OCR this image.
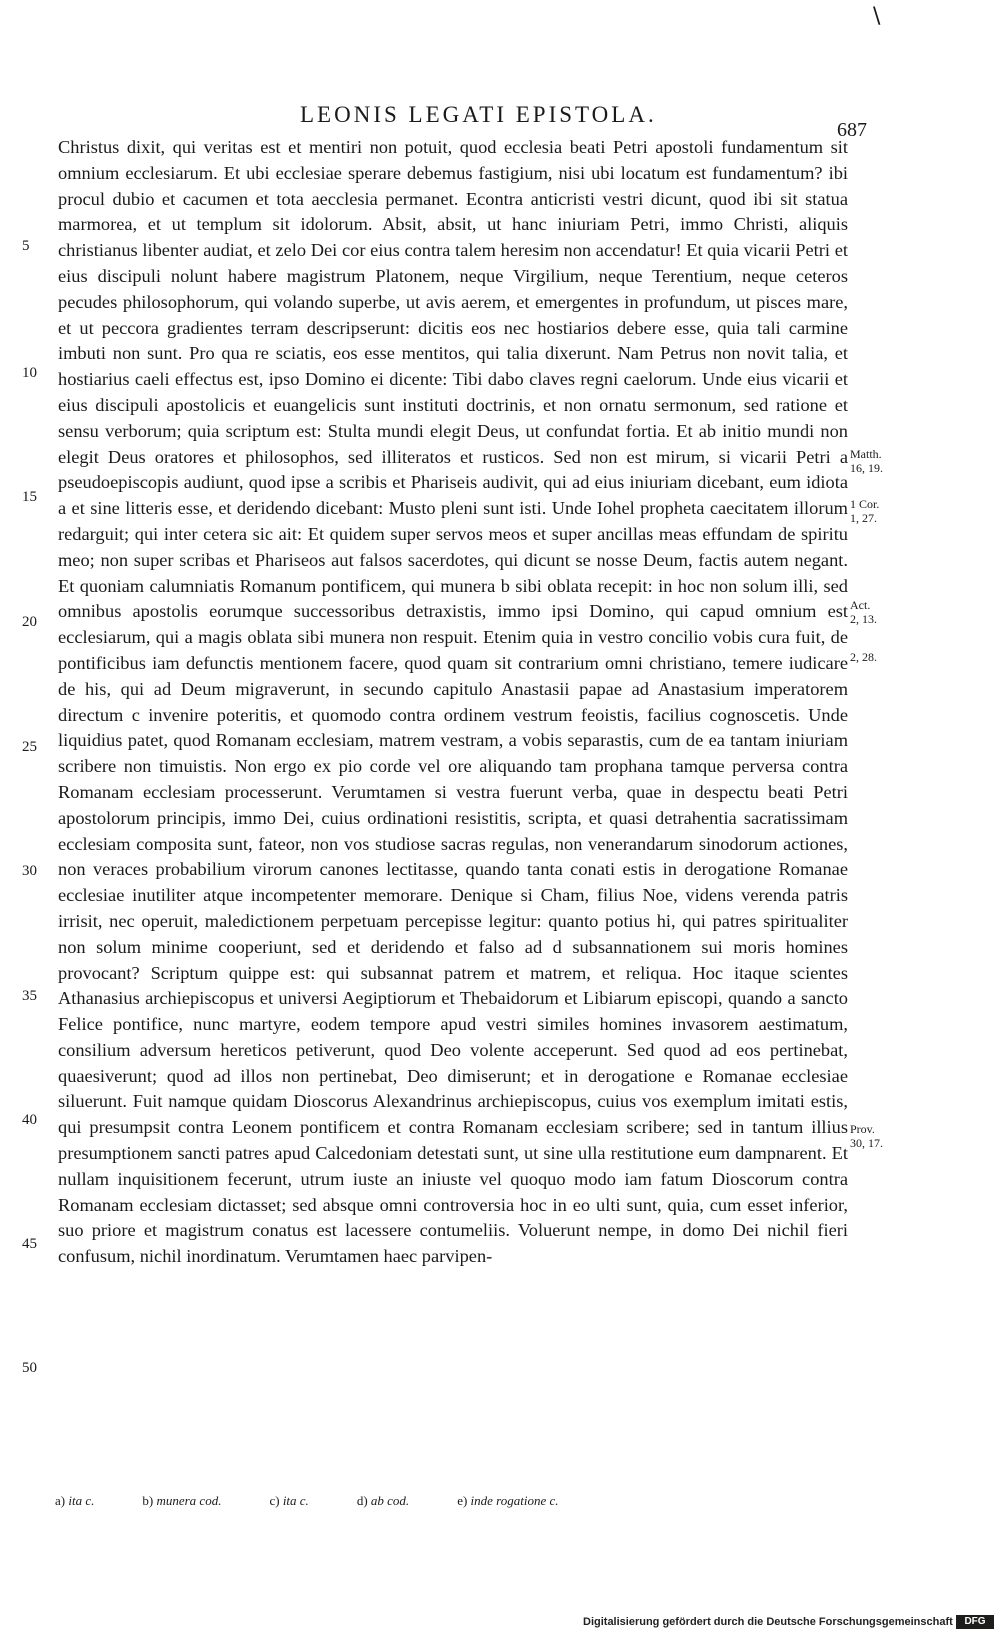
\
LEONIS LEGATI EPISTOLA.
687

Christus dixit, qui veritas est et mentiri non potuit, quod ecclesia beati Petri apostoli fundamentum sit omnium ecclesiarum. Et ubi ecclesiae sperare debemus fastigium, nisi ubi locatum est fundamentum? ibi procul dubio et cacumen et tota aecclesia permanet. Econtra anticristi vestri dicunt, quod ibi sit statua marmorea, et ut templum sit idolorum. Absit, absit, ut hanc iniuriam Petri, immo Christi, aliquis christianus libenter audiat, et zelo Dei cor eius contra talem heresim non accendatur! Et quia vicarii Petri et eius discipuli nolunt habere magistrum Platonem, neque Virgilium, neque Terentium, neque ceteros pecudes philosophorum, qui volando superbe, ut avis aerem, et emergentes in profundum, ut pisces mare, et ut peccora gradientes terram descripserunt: dicitis eos nec hostiarios debere esse, quia tali carmine imbuti non sunt. Pro qua re sciatis, eos esse mentitos, qui talia dixerunt. Nam Petrus non novit talia, et hostiarius caeli effectus est, ipso Domino ei dicente: Tibi dabo claves regni caelorum. Unde eius vicarii et eius discipuli apostolicis et euangelicis sunt instituti doctrinis, et non ornatu sermonum, sed ratione et sensu verborum; quia scriptum est: Stulta mundi elegit Deus, ut confundat fortia. Et ab initio mundi non elegit Deus oratores et philosophos, sed illiteratos et rusticos. Sed non est mirum, si vicarii Petri a pseudoepiscopis audiunt, quod ipse a scribis et Phariseis audivit, qui ad eius iniuriam dicebant, eum idiota a et sine litteris esse, et deridendo dicebant: Musto pleni sunt isti. Unde Iohel propheta caecitatem illorum redarguit; qui inter cetera sic ait: Et quidem super servos meos et super ancillas meas effundam de spiritu meo; non super scribas et Phariseos aut falsos sacerdotes, qui dicunt se nosse Deum, factis autem negant. Et quoniam calumniatis Romanum pontificem, qui munera b sibi oblata recepit: in hoc non solum illi, sed omnibus apostolis eorumque successoribus detraxistis, immo ipsi Domino, qui capud omnium est ecclesiarum, qui a magis oblata sibi munera non respuit. Etenim quia in vestro concilio vobis cura fuit, de pontificibus iam defunctis mentionem facere, quod quam sit contrarium omni christiano, temere iudicare de his, qui ad Deum migraverunt, in secundo capitulo Anastasii papae ad Anastasium imperatorem directum c invenire poteritis, et quomodo contra ordinem vestrum feoistis, facilius cognoscetis. Unde liquidius patet, quod Romanam ecclesiam, matrem vestram, a vobis separastis, cum de ea tantam iniuriam scribere non timuistis. Non ergo ex pio corde vel ore aliquando tam prophana tamque perversa contra Romanam ecclesiam processerunt. Verumtamen si vestra fuerunt verba, quae in despectu beati Petri apostolorum principis, immo Dei, cuius ordinationi resistitis, scripta, et quasi detrahentia sacratissimam ecclesiam composita sunt, fateor, non vos studiose sacras regulas, non venerandarum sinodorum actiones, non veraces probabilium virorum canones lectitasse, quando tanta conati estis in derogatione Romanae ecclesiae inutiliter atque incompetenter memorare. Denique si Cham, filius Noe, videns verenda patris irrisit, nec operuit, maledictionem perpetuam percepisse legitur: quanto potius hi, qui patres spiritualiter non solum minime cooperiunt, sed et deridendo et falso ad d subsannationem sui moris homines provocant? Scriptum quippe est: qui subsannat patrem et matrem, et reliqua. Hoc itaque scientes Athanasius archiepiscopus et universi Aegiptiorum et Thebaidorum et Libiarum episcopi, quando a sancto Felice pontifice, nunc martyre, eodem tempore apud vestri similes homines invasorem aestimatum, consilium adversum hereticos petiverunt, quod Deo volente acceperunt. Sed quod ad eos pertinebat, quaesiverunt; quod ad illos non pertinebat, Deo dimiserunt; et in derogatione e Romanae ecclesiae siluerunt. Fuit namque quidam Dioscorus Alexandrinus archiepiscopus, cuius vos exemplum imitati estis, qui presumpsit contra Leonem pontificem et contra Romanam ecclesiam scribere; sed in tantum illius presumptionem sancti patres apud Calcedoniam detestati sunt, ut sine ulla restitutione eum dampnarent. Et nullam inquisitionem fecerunt, utrum iuste an iniuste vel quoquo modo iam fatum Dioscorum contra Romanam ecclesiam dictasset; sed absque omni controversia hoc in eo ulti sunt, quia, cum esset inferior, suo priore et magistrum conatus est lacessere contumeliis. Voluerunt nempe, in domo Dei nichil fieri confusum, nichil inordinatum. Verumtamen haec parvipen-

5
10
15
20
25
30
35
40
45
50
Matth.
16, 19.
1 Cor.
1, 27.
Act.
2, 13.
2, 28.
Prov.
30, 17.
a) ita c.	b) munera cod.	c) ita c.	d) ab cod.	e) inde rogatione c.
Digitalisierung gefördert durch die Deutsche Forschungsgemeinschaft	DFG
